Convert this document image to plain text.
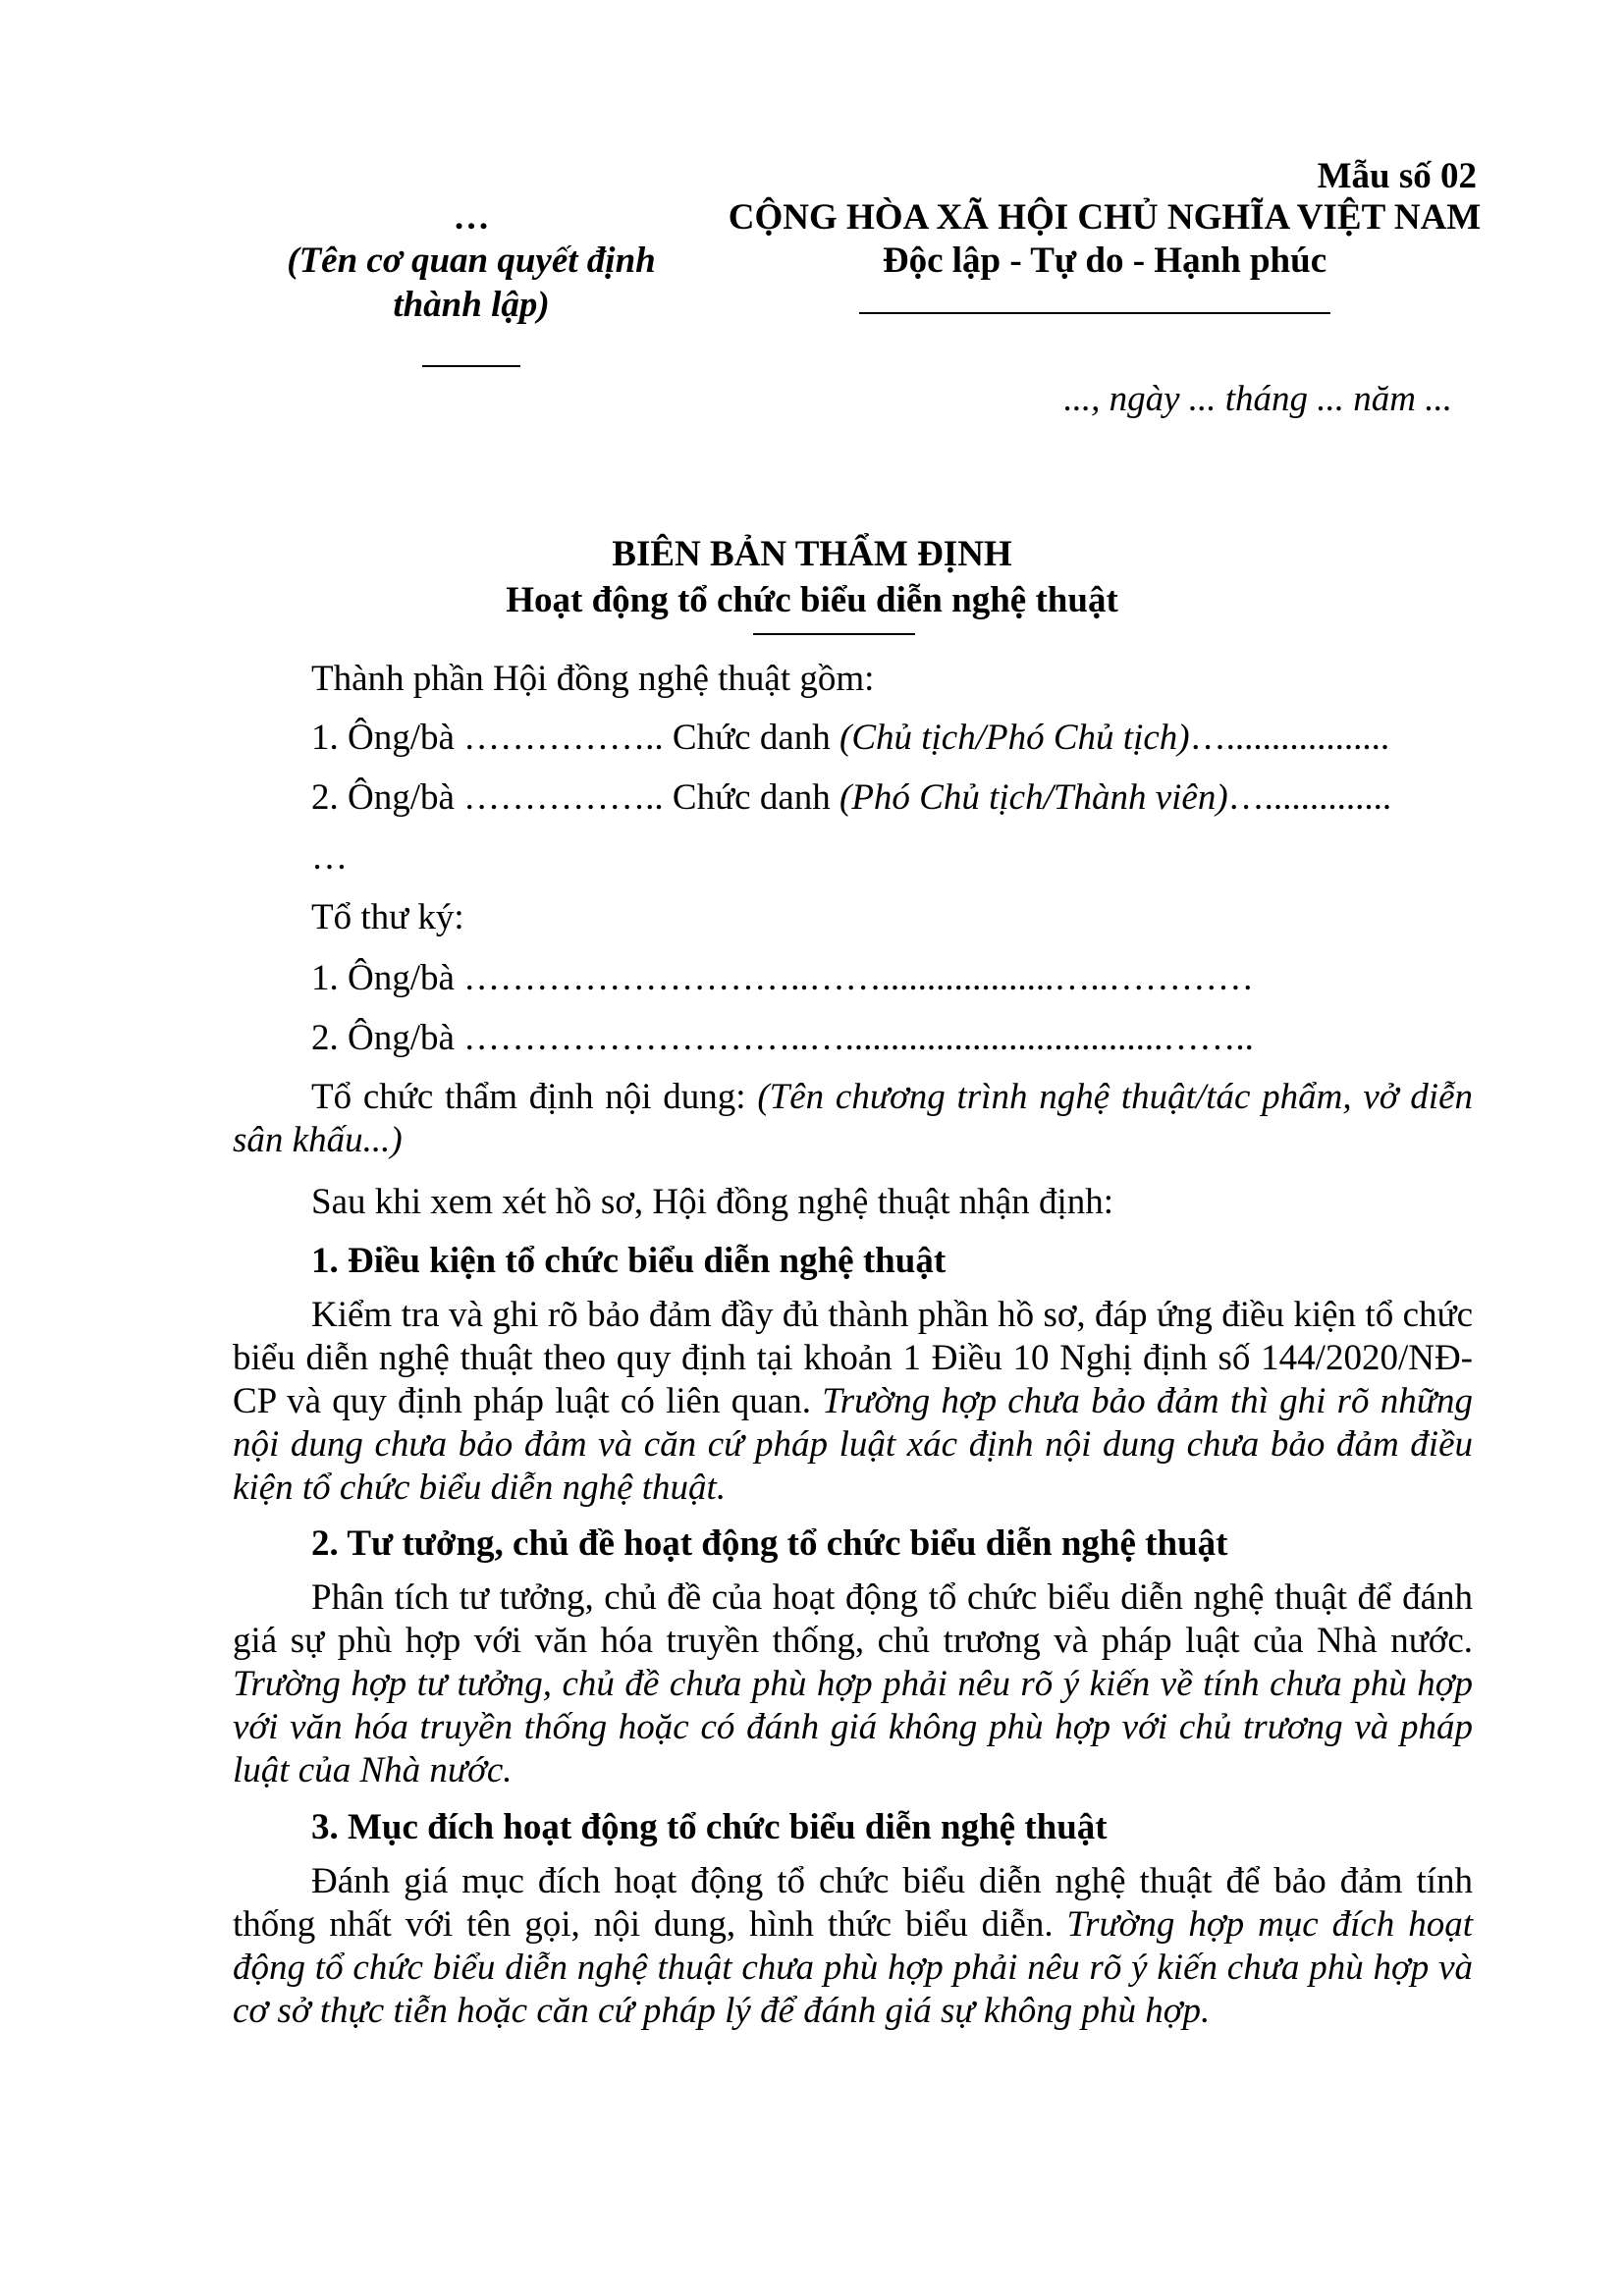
…
(Tên cơ quan quyết định thành lập)
Mẫu số 02
CỘNG HÒA XÃ HỘI CHỦ NGHĨA VIỆT NAM
Độc lập - Tự do - Hạnh phúc
..., ngày ... tháng ... năm ...
BIÊN BẢN THẨM ĐỊNH
Hoạt động tổ chức biểu diễn nghệ thuật
Thành phần Hội đồng nghệ thuật gồm:
1. Ông/bà …………….. Chức danh (Chủ tịch/Phó Chủ tịch)…..................
2. Ông/bà …………….. Chức danh (Phó Chủ tịch/Thành viên)…..............
…
Tổ thư ký:
1. Ông/bà ………………………..……...................…..…………
2. Ông/bà ………………………..…...................................……..
Tổ chức thẩm định nội dung: (Tên chương trình nghệ thuật/tác phẩm, vở diễn sân khấu...)
Sau khi xem xét hồ sơ, Hội đồng nghệ thuật nhận định:
1. Điều kiện tổ chức biểu diễn nghệ thuật
Kiểm tra và ghi rõ bảo đảm đầy đủ thành phần hồ sơ, đáp ứng điều kiện tổ chức biểu diễn nghệ thuật theo quy định tại khoản 1 Điều 10 Nghị định số 144/2020/NĐ-CP và quy định pháp luật có liên quan. Trường hợp chưa bảo đảm thì ghi rõ những nội dung chưa bảo đảm và căn cứ pháp luật xác định nội dung chưa bảo đảm điều kiện tổ chức biểu diễn nghệ thuật.
2. Tư tưởng, chủ đề hoạt động tổ chức biểu diễn nghệ thuật
Phân tích tư tưởng, chủ đề của hoạt động tổ chức biểu diễn nghệ thuật để đánh giá sự phù hợp với văn hóa truyền thống, chủ trương và pháp luật của Nhà nước. Trường hợp tư tưởng, chủ đề chưa phù hợp phải nêu rõ ý kiến về tính chưa phù hợp với văn hóa truyền thống hoặc có đánh giá không phù hợp với chủ trương và pháp luật của Nhà nước.
3. Mục đích hoạt động tổ chức biểu diễn nghệ thuật
Đánh giá mục đích hoạt động tổ chức biểu diễn nghệ thuật để bảo đảm tính thống nhất với tên gọi, nội dung, hình thức biểu diễn. Trường hợp mục đích hoạt động tổ chức biểu diễn nghệ thuật chưa phù hợp phải nêu rõ ý kiến chưa phù hợp và cơ sở thực tiễn hoặc căn cứ pháp lý để đánh giá sự không phù hợp.
